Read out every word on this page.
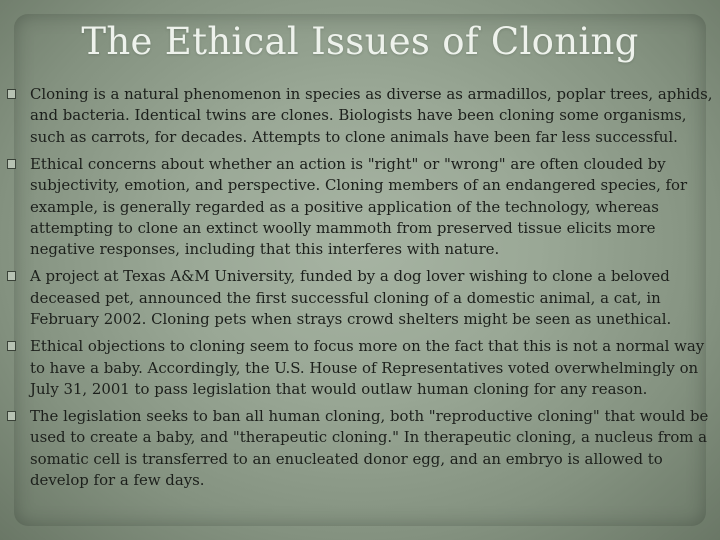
The Ethical Issues of Cloning
Cloning is a natural phenomenon in species as diverse as armadillos, poplar trees, aphids, and bacteria. Identical twins are clones. Biologists have been cloning some organisms, such as carrots, for decades. Attempts to clone animals have been far less successful.
Ethical concerns about whether an action is "right" or "wrong" are often clouded by subjectivity, emotion, and perspective. Cloning members of an endangered species, for example, is generally regarded as a positive application of the technology, whereas attempting to clone an extinct woolly mammoth from preserved tissue elicits more negative responses, including that this interferes with nature.
A project at Texas A&M University, funded by a dog lover wishing to clone a beloved deceased pet, announced the first successful cloning of a domestic animal, a cat, in February 2002. Cloning pets when strays crowd shelters might be seen as unethical.
Ethical objections to cloning seem to focus more on the fact that this is not a normal way to have a baby. Accordingly, the U.S. House of Representatives voted overwhelmingly on July 31, 2001 to pass legislation that would outlaw human cloning for any reason.
The legislation seeks to ban all human cloning, both "reproductive cloning" that would be used to create a baby, and "therapeutic cloning." In therapeutic cloning, a nucleus from a somatic cell is transferred to an enucleated donor egg, and an embryo is allowed to develop for a few days.
